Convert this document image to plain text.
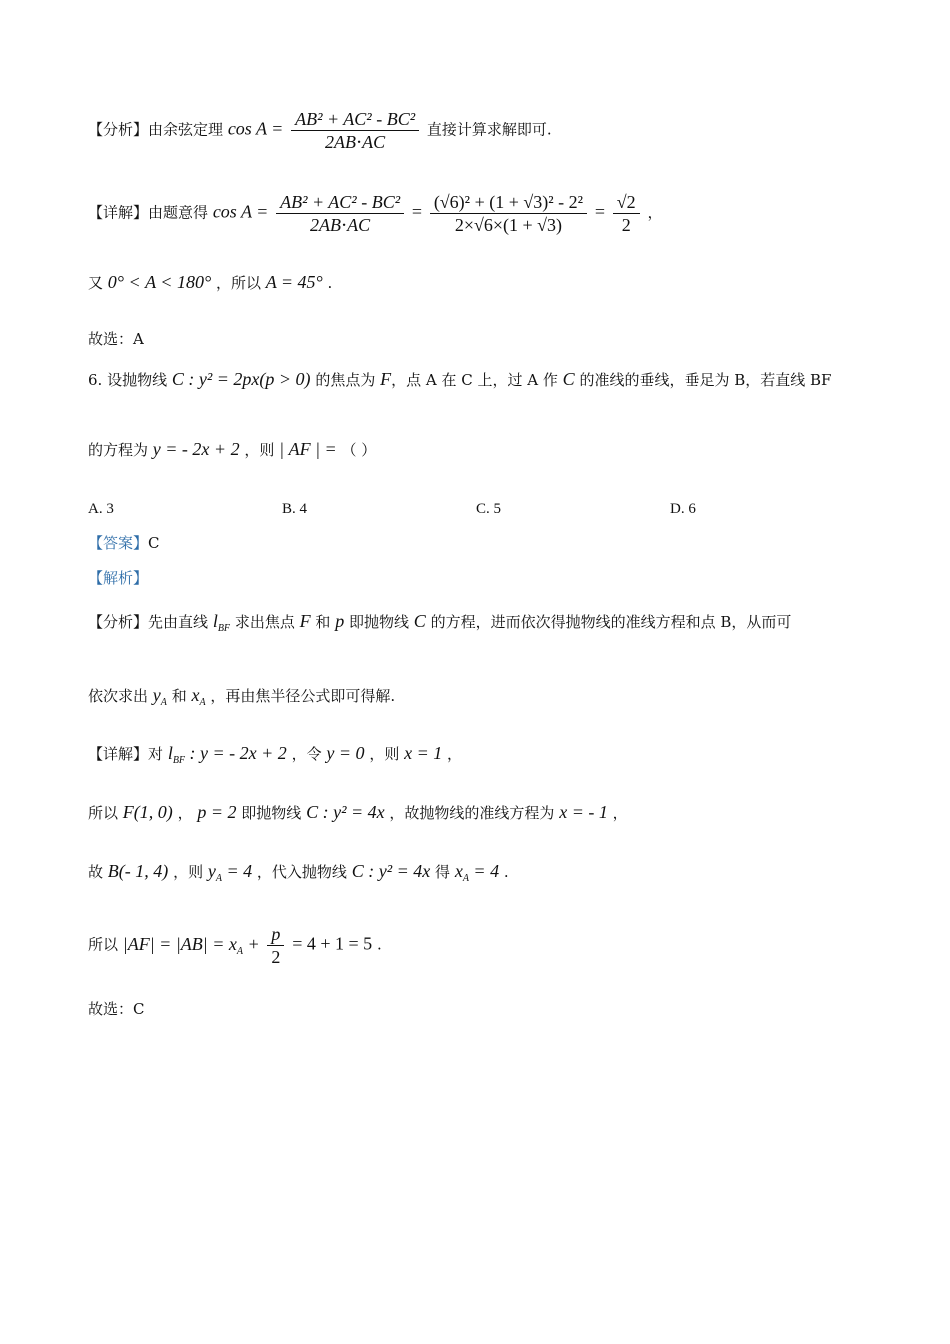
【分析】由余弦定理 $\cos A = \frac{\text{AB² + AC² - BC²}}{2AB\cdot AC}$ 直接计算求解即可.
【详解】由题意得 $\cos A = \frac{\text{AB² + AC² - BC²}}{2AB\cdot AC} = \frac{\text{(√6)² + (1 + √3)² - 2²}}{2\times√6\times(1 + √3)} = \frac{√2}{2}$ ，
又 0° < A < 180° ，所以 A = 45° .
故选：A
6. 设抛物线 C : y² = 2px(p > 0) 的焦点为 F，点 A 在 C 上，过 A 作 C 的准线的垂线，垂足为 B，若直线 BF
的方程为 y = - 2x + 2 ，则 | AF | = （ ）
A. 3	B. 4	C. 5	D. 6
【答案】C
【解析】
【分析】先由直线 $l_{BF}$ 求出焦点 F 和 p 即抛物线 C 的方程，进而依次得抛物线的准线方程和点 B，从而可
依次求出 $y_A$ 和 $x_A$ ，再由焦半径公式即可得解.
【详解】对 $l_{BF}$ : y = - 2x + 2 ，令 y = 0 ，则 x = 1 ，
所以 F(1, 0) ， p = 2 即抛物线 C : y² = 4x ，故抛物线的准线方程为 x = - 1 ，
故 B(- 1, 4) ，则 $y_A = 4$ ，代入抛物线 C : y² = 4x 得 $x_A = 4$ .
所以 $|AF| = |AB| = x_A + \frac{p}{2} = 4 + 1 = 5$ .
故选：C
